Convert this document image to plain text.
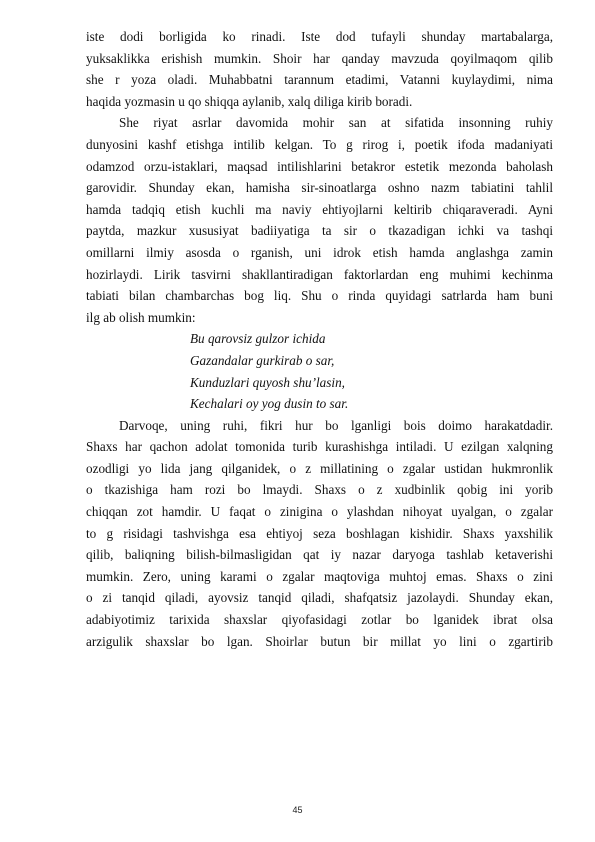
iste dodi borligida ko rinadi. Iste dod tufayli shunday martabalarga,
yuksaklikka erishish mumkin. Shoir har qanday mavzuda qoyilmaqom qilib
she r yoza oladi. Muhabbatni tarannum etadimi, Vatanni kuylaydimi, nima
haqida yozmasin u qo shiqqa aylanib, xalq diliga kirib boradi.
She riyat asrlar davomida mohir san at sifatida insonning ruhiy
dunyosini kashf etishga intilib kelgan. To g rirog i, poetik ifoda madaniyati
odamzod orzu-istaklari, maqsad intilishlarini betakror estetik mezonda baholash
garovidir. Shunday ekan, hamisha sir-sinoatlarga oshno nazm tabiatini tahlil
hamda tadqiq etish kuchli ma naviy ehtiyojlarni keltirib chiqaraveradi. Ayni
paytda, mazkur xususiyat badiiyatiga ta sir o tkazadigan ichki va tashqi
omillarni ilmiy asosda o rganish, uni idrok etish hamda anglashga zamin
hozirlaydi. Lirik tasvirni shakllantiradigan faktorlardan eng muhimi kechinma
tabiati bilan chambarchas bog liq. Shu o rinda quyidagi satrlarda ham buni
ilg ab olish mumkin:
Bu qarovsiz gulzor ichida
Gazandalar gurkirab o sar,
Kunduzlari quyosh shu’lasin,
Kechalari oy yog dusin to sar.
Darvoqe, uning ruhi, fikri hur bo lganligi bois doimo harakatdadir.
Shaxs har qachon adolat tomonida turib kurashishga intiladi. U ezilgan xalqning
ozodligi yo lida jang qilganidek, o z millatining o zgalar ustidan hukmronlik
o tkazishiga ham rozi bo lmaydi. Shaxs o z xudbinlik qobig ini yorib
chiqqan zot hamdir. U faqat o zinigina o ylashdan nihoyat uyalgan, o zgalar
to g risidagi tashvishga esa ehtiyoj seza boshlagan kishidir. Shaxs yaxshilik
qilib, baliqning bilish-bilmasligidan qat iy nazar daryoga tashlab ketaverishi
mumkin. Zero, uning karami o zgalar maqtoviga muhtoj emas. Shaxs o zini
o zi tanqid qiladi, ayovsiz tanqid qiladi, shafqatsiz jazolaydi. Shunday ekan,
adabiyotimiz tarixida shaxslar qiyofasidagi zotlar bo lganidek ibrat olsa
arzigulik shaxslar bo lgan. Shoirlar butun bir millat yo lini o zgartirib
45
